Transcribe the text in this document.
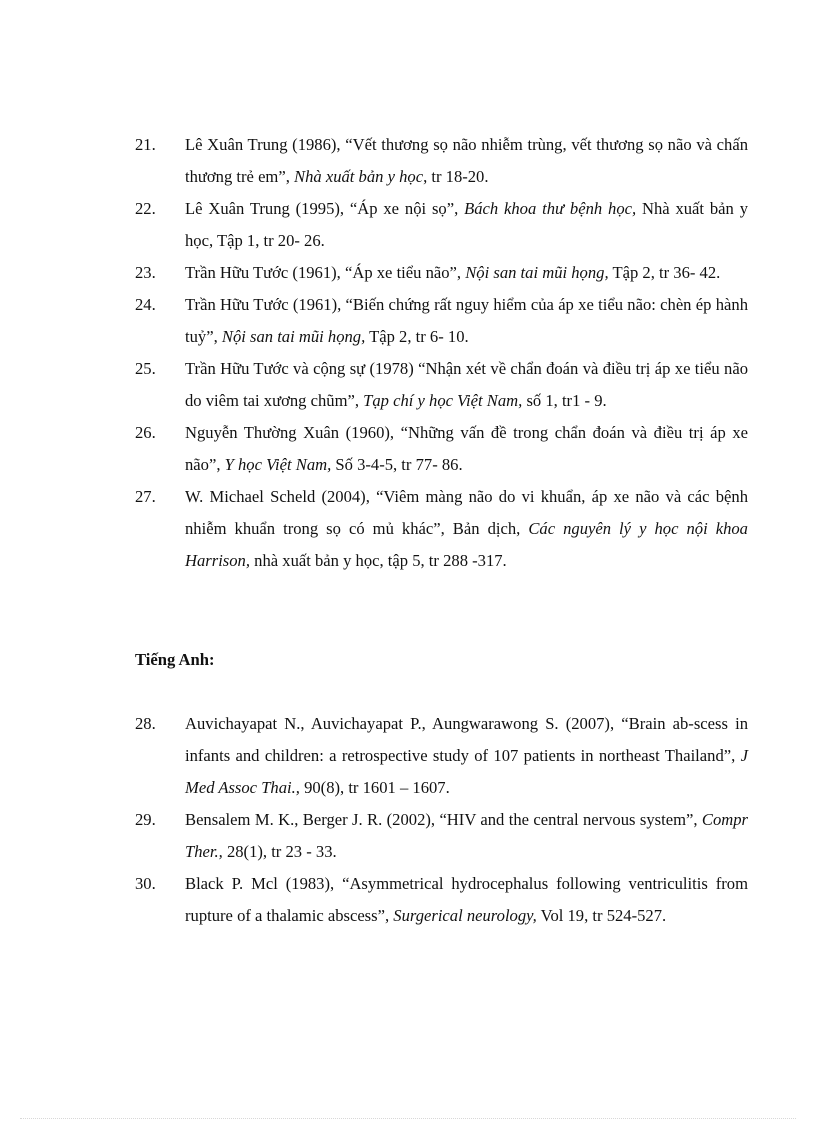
21. Lê Xuân Trung (1986), “Vết thương sọ não nhiễm trùng, vết thương sọ não và chấn thương trẻ em”, Nhà xuất bản y học, tr 18-20.
22. Lê Xuân Trung (1995), “Áp xe nội sọ”, Bách khoa thư bệnh học, Nhà xuất bản y học, Tập 1, tr 20- 26.
23. Trần Hữu Tước (1961), “Áp xe tiểu não”, Nội san tai mũi họng, Tập 2, tr 36- 42.
24. Trần Hữu Tước (1961), “Biến chứng rất nguy hiểm của áp xe tiểu não: chèn ép hành tuỷ”, Nội san tai mũi họng, Tập 2, tr 6- 10.
25. Trần Hữu Tước và cộng sự (1978) “Nhận xét về chẩn đoán và điều trị áp xe tiểu não do viêm tai xương chũm”, Tạp chí y học Việt Nam, số 1, tr1 - 9.
26. Nguyễn Thường Xuân (1960), “Những vấn đề trong chẩn đoán và điều trị áp xe não”, Y học Việt Nam, Số 3-4-5, tr 77- 86.
27. W. Michael Scheld (2004), “Viêm màng não do vi khuẩn, áp xe não và các bệnh nhiễm khuẩn trong sọ có mủ khác”, Bản dịch, Các nguyên lý y học nội khoa Harrison, nhà xuất bản y học, tập 5, tr 288 -317.
Tiếng Anh:
28. Auvichayapat N., Auvichayapat P., Aungwarawong S. (2007), “Brain ab-scess in infants and children: a retrospective study of 107 patients in northeast Thailand”, J Med Assoc Thai., 90(8), tr 1601 – 1607.
29. Bensalem M. K., Berger J. R. (2002), “HIV and the central nervous system”, Compr Ther., 28(1), tr 23 - 33.
30. Black P. Mcl (1983), “Asymmetrical hydrocephalus following ventriculitis from rupture of a thalamic abscess”, Surgerical neurology, Vol 19, tr 524-527.
